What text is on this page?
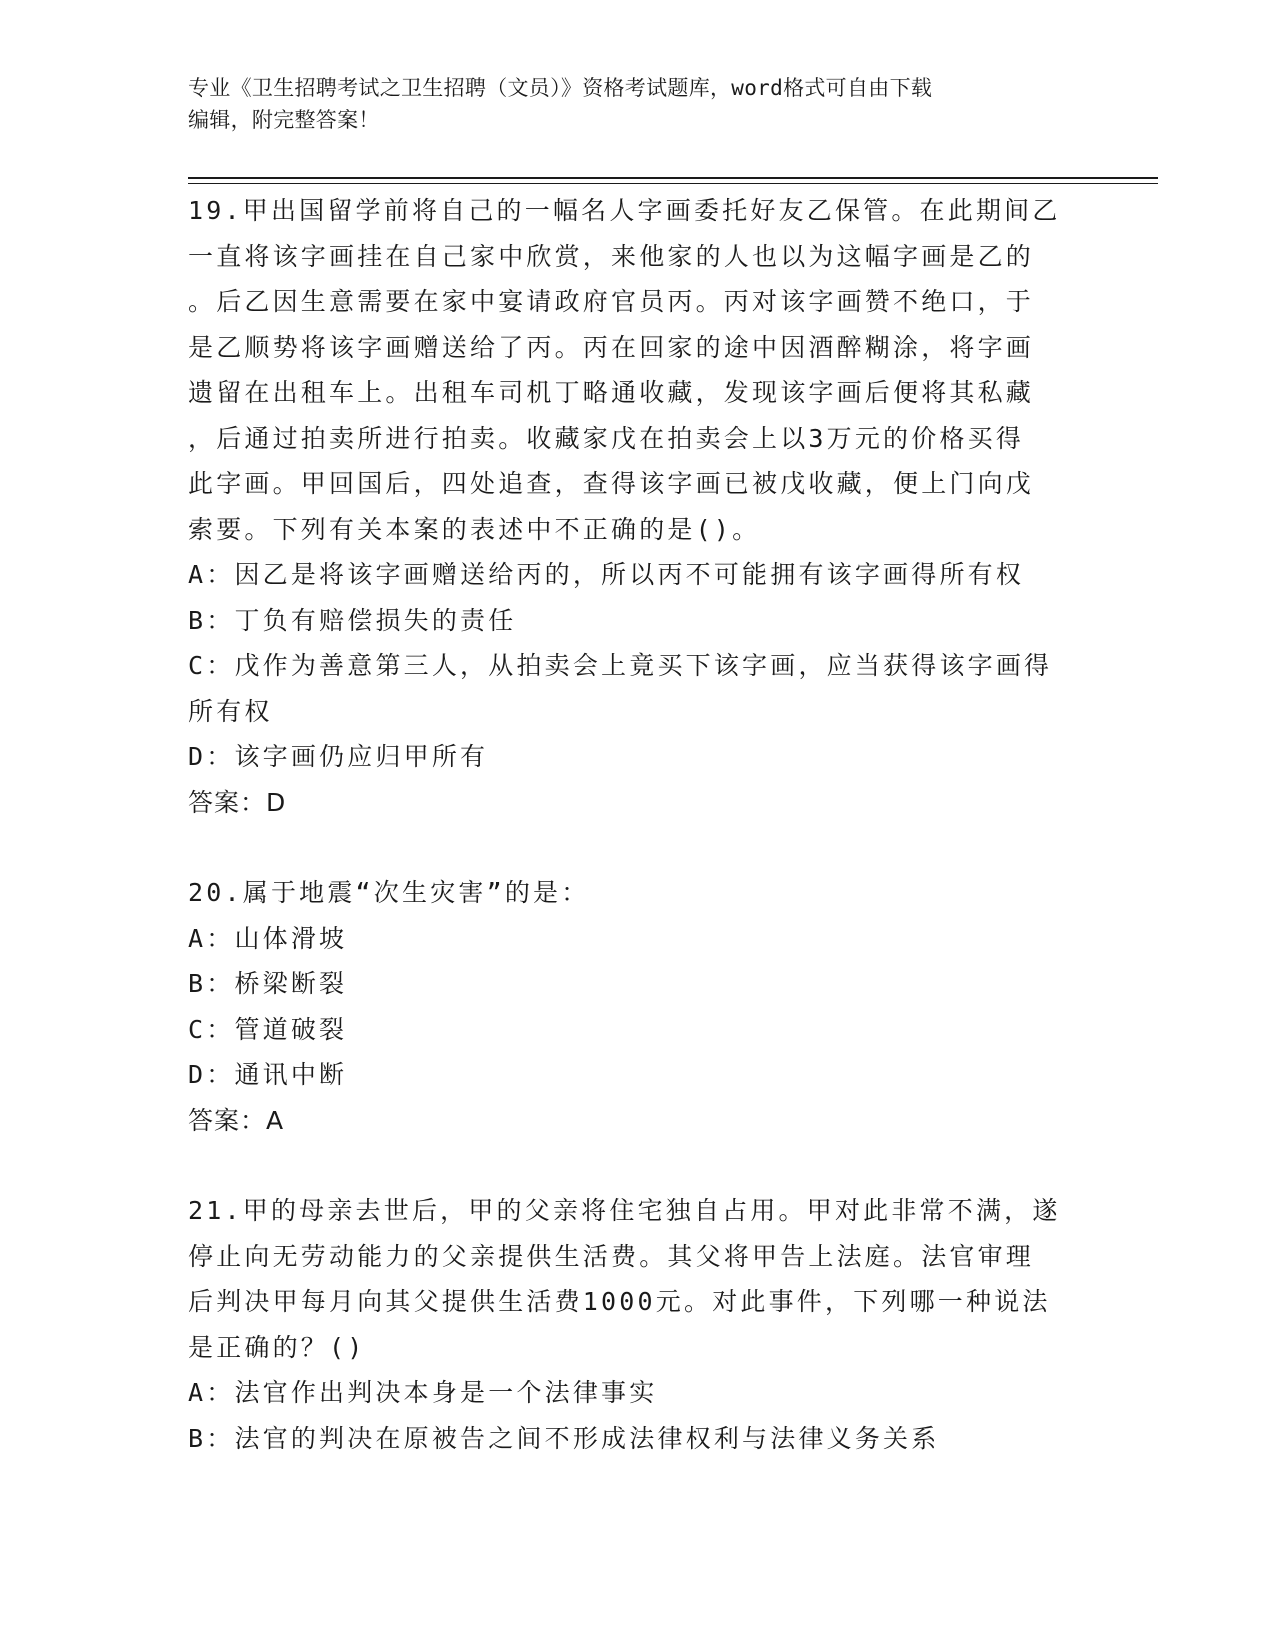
专业《卫生招聘考试之卫生招聘（文员）》资格考试题库，word格式可自由下载
编辑，附完整答案！

19.甲出国留学前将自己的一幅名人字画委托好友乙保管。在此期间乙

一直将该字画挂在自己家中欣赏，来他家的人也以为这幅字画是乙的

。后乙因生意需要在家中宴请政府官员丙。丙对该字画赞不绝口，于

是乙顺势将该字画赠送给了丙。丙在回家的途中因酒醉糊涂，将字画

遗留在出租车上。出租车司机丁略通收藏，发现该字画后便将其私藏

，后通过拍卖所进行拍卖。收藏家戊在拍卖会上以3万元的价格买得

此字画。甲回国后，四处追查，查得该字画已被戊收藏，便上门向戊

索要。下列有关本案的表述中不正确的是()。

A：因乙是将该字画赠送给丙的，所以丙不可能拥有该字画得所有权

B：丁负有赔偿损失的责任

C：戊作为善意第三人，从拍卖会上竟买下该字画，应当获得该字画得

所有权

D：该字画仍应归甲所有

答案：D

20.属于地震“次生灾害”的是：

A：山体滑坡

B：桥梁断裂

C：管道破裂

D：通讯中断

答案：A

21.甲的母亲去世后，甲的父亲将住宅独自占用。甲对此非常不满，遂

停止向无劳动能力的父亲提供生活费。其父将甲告上法庭。法官审理

后判决甲每月向其父提供生活费1000元。对此事件，下列哪一种说法

是正确的？()

A：法官作出判决本身是一个法律事实

B：法官的判决在原被告之间不形成法律权利与法律义务关系
